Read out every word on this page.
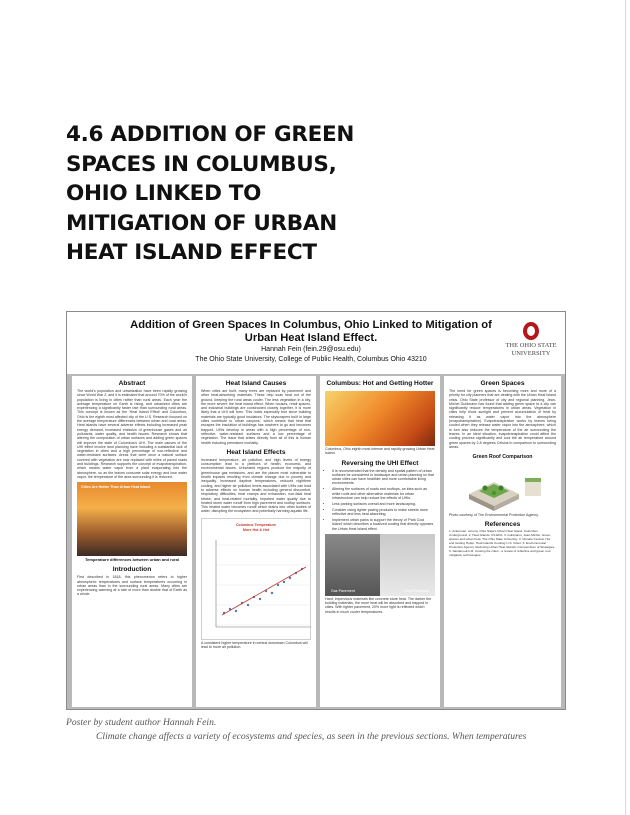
4.6 ADDITION OF GREEN SPACES IN COLUMBUS, OHIO LINKED TO MITIGATION OF URBAN HEAT ISLAND EFFECT
Addition of Green Spaces In Columbus, Ohio Linked to Mitigation of Urban Heat Island Effect.
Hannah Fein (fein.29@osu.edu)
The Ohio State University, College of Public Health, Columbus Ohio 43210
THE OHIO STATE
UNIVERSITY
Abstract

The world's population and urbanization have been rapidly growing since World War 2, and it is estimated that around 70% of the world's population is living in cities rather than rural areas. Each year the average temperature on Earth is rising, and urbanized cities are experiencing a significantly faster rate than surrounding rural areas. This concept is known as the 'Heat Island Effect' and Columbus, Ohio is the eighth most affected city of the U.S. Research focused on the average temperature differences between urban and rural areas. Heat islands have several adverse effects including increased peak energy demand, increased emission of greenhouse gases and air pollutants, water quality, and health issues. Research shows that altering the composition of urban surfaces and adding green spaces will improve the state of Columbus's UHI. The main causes of the UHI effect involve land planning have including a substantial lack of vegetation in cities and a high percentage of non-reflective and water-resistant surfaces. Areas that were once a natural surface covered with vegetation are now replaced with miles of paved roads and buildings. Research supports the concept of evapotranspiration, which means water vapor from a plant evaporating into the atmosphere, so as the leaves consume solar energy and lose water vapor, the temperature of the area surrounding it is reduced.

Cities Are Hotter Than Urban Heat Island
Temperature differences between urban and rural
Introduction

First described in 1818, this phenomenon refers to higher atmospheric temperatures and surface temperatures occurring in urban areas than in the surrounding rural areas. Many cities are experiencing warming at a rate of more than double that of Earth as a whole.

Heat Island Causes

When cities are built, many trees are replaced by pavement and other heat-absorbing materials. These help soak heat out of the ground, keeping the rural areas cooler. The less vegetation in a city, the more severe the heat island effect. When houses, retail spaces, and industrial buildings are constructed closely together, it is more likely that a UHI will form. This holds especially true since building materials are typically good insulators. The skyscrapers built in large cities contribute to 'urban canyons', which means that heat that escapes the insulation of buildings has nowhere to go and becomes trapped. UHIs develop in areas with a high percentage of non-reflective, water-resistant surfaces and a low percentage of vegetation. The issue that arises directly from all of this is human health including premature mortality.

Heat Island Effects

Increased temperature, air pollution, and high levels of energy consumption lead to a plethora of health, economic, and environmental issues. Urbanized regions produce the majority of greenhouse gas emissions, and are the places most vulnerable to health impacts resulting from climate change due to poverty and inequality. Increased daytime temperatures, reduced nighttime cooling, and higher air pollution levels associated with UHIs can lead to adverse effects on human health including general discomfort, respiratory difficulties, heat cramps and exhaustion, non-fatal heat stroke, and heat-related mortality. Impaired water quality due to heated storm water runoff from high pavement and rooftop surfaces. This heated water becomes runoff which drains into other bodies of water, disrupting the ecosystem and potentially harming aquatic life.

Columbus Temperature
More Hot & Hot

A consistent higher temperature in central downtown Columbus will lead to more air pollution.

Columbus: Hot and Getting Hotter

Columbus, Ohio eighth most intense and rapidly growing Urban Heat Island.

Reversing the UHI Effect
• It is recommended that the density and spatial pattern of urban surfaces be considered in landscape and urban planning so that urban cities can have healthier and more comfortable living environments.
• Altering the surfaces of roads and rooftops, an idea such as white roofs and other alternative materials for urban infrastructure can help reduce the effects of UHIs.
• Less parking surfaces overall and more landscaping.
• Consider using lighter paving products to make streets more reflective and less heat absorbing.
• Implement urban parks to support the theory of 'Park Cool Island' which describes a localized cooling that directly opposes the Urban Heat Island effect.
Gas Pavement	Cool Pavement

Hard, impervious materials like concrete store heat. The darker the building materials, the more heat will be absorbed and trapped in cities. With lighter pavement, 20% more light is reflected which results in much cooler temperatures.

Green Spaces

The need for green spaces is becoming more and more of a priority for city planners that are dealing with the Urban Heat Island crisis. Ohio State professor of city and regional planning, Jean-Michel Guldmann has found that adding green space to a city can significantly reduce temperatures in urban areas. Vegetation in cities help block sunlight and prevent accumulation of heat by releasing it as water vapor into the atmosphere (evapotranspiration). Evapotranspiration works by leaves being cooled when they release water vapor into the atmosphere, which in turn also reduces the temperature of the air surrounding the leaves. In an ideal situation, evapotranspiration could affect the cooling process significantly and cool the air temperature around green spaces by 2-8 degrees Celsius in comparison to surrounding areas.

Green Roof Comparison

Photo courtesy of The Environmental Protection Agency.

References

1. Ackerman, Jeremy. Ohio State's Urban Heat Island. Columbus Underground. 2. Heat Islands. US EPA. 3. Guldmann, Jean-Michel. Green spaces and urban heat. The Ohio State University. 4. Climate Central. Hot and Getting Hotter: Heat Islands Cooking U.S. Cities. 5. Environmental Protection Agency. Reducing Urban Heat Islands: Compendium of Strategies. 6. Santamouris M. Cooling the cities - a review of reflective and green roof mitigation technologies.

Poster by student author Hannah Fein.

Climate change affects a variety of ecosystems and species, as seen in the previous sections. When temperatures
